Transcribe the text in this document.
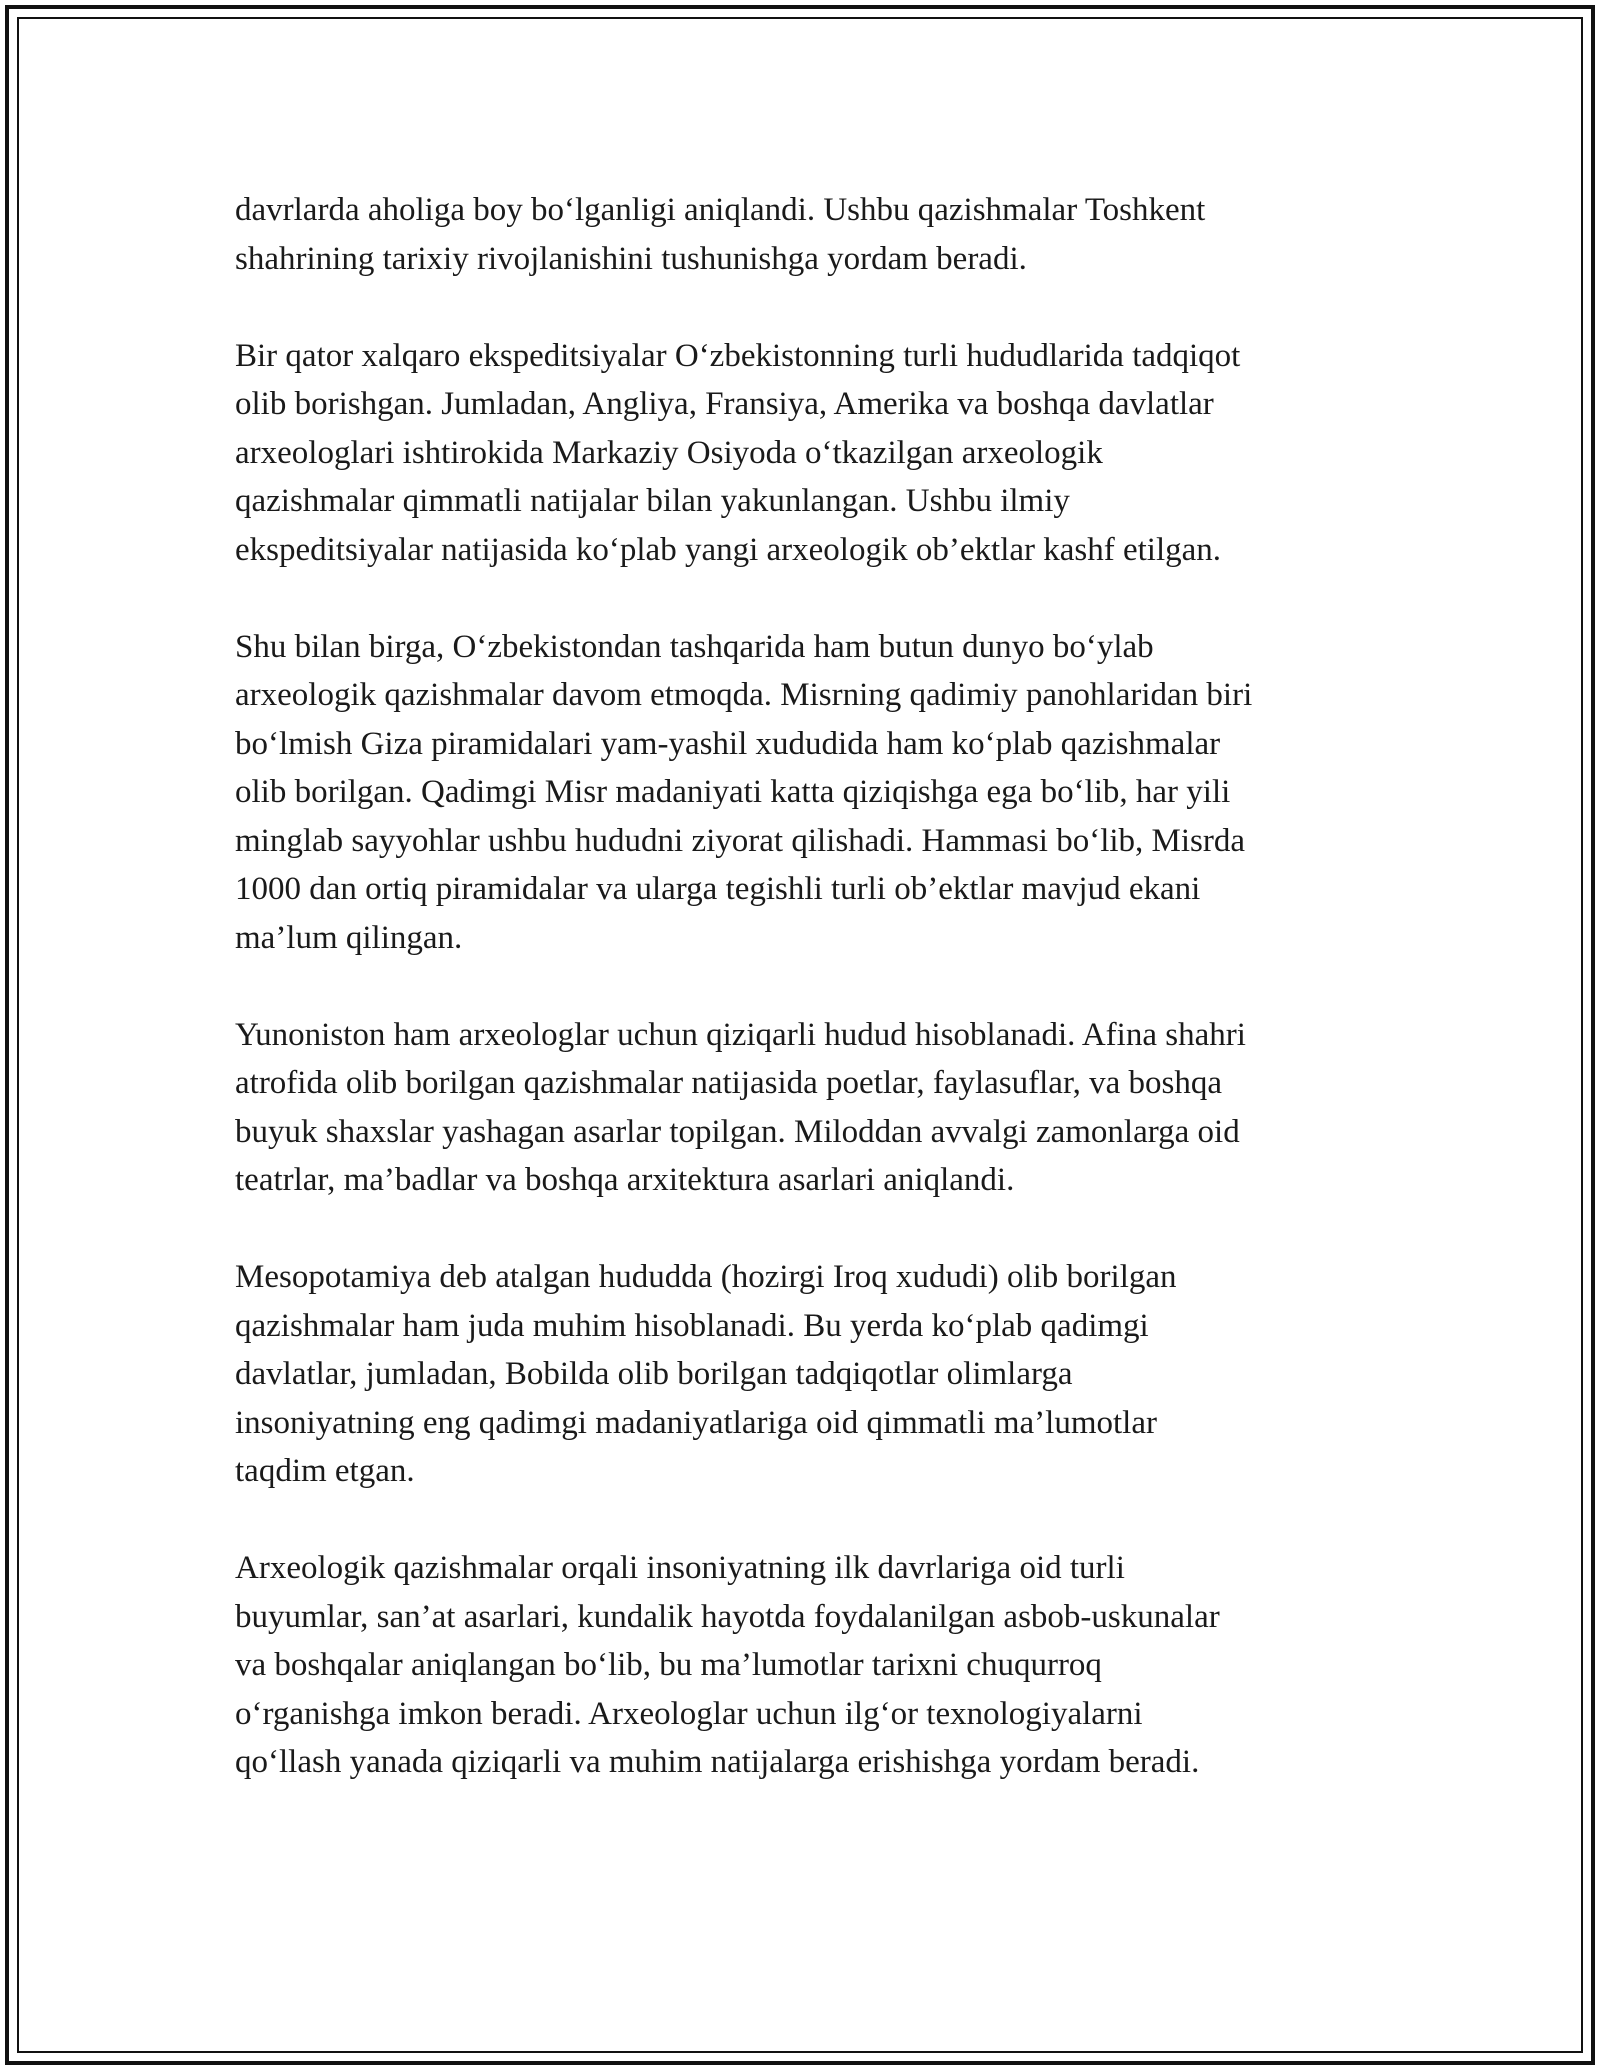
davrlarda aholiga boy bo‘lganligi aniqlandi. Ushbu qazishmalar Toshkent
shahrining tarixiy rivojlanishini tushunishga yordam beradi.

Bir qator xalqaro ekspeditsiyalar O‘zbekistonning turli hududlarida tadqiqot
olib borishgan. Jumladan, Angliya, Fransiya, Amerika va boshqa davlatlar
arxeologlari ishtirokida Markaziy Osiyoda o‘tkazilgan arxeologik
qazishmalar qimmatli natijalar bilan yakunlangan. Ushbu ilmiy
ekspeditsiyalar natijasida ko‘plab yangi arxeologik ob’ektlar kashf etilgan.

Shu bilan birga, O‘zbekistondan tashqarida ham butun dunyo bo‘ylab
arxeologik qazishmalar davom etmoqda. Misrning qadimiy panohlaridan biri
bo‘lmish Giza piramidalari yam-yashil xududida ham ko‘plab qazishmalar
olib borilgan. Qadimgi Misr madaniyati katta qiziqishga ega bo‘lib, har yili
minglab sayyohlar ushbu hududni ziyorat qilishadi. Hammasi bo‘lib, Misrda
1000 dan ortiq piramidalar va ularga tegishli turli ob’ektlar mavjud ekani
ma’lum qilingan.

Yunoniston ham arxeologlar uchun qiziqarli hudud hisoblanadi. Afina shahri
atrofida olib borilgan qazishmalar natijasida poetlar, faylasuflar, va boshqa
buyuk shaxslar yashagan asarlar topilgan. Miloddan avvalgi zamonlarga oid
teatrlar, ma’badlar va boshqa arxitektura asarlari aniqlandi.

Mesopotamiya deb atalgan hududda (hozirgi Iroq xududi) olib borilgan
qazishmalar ham juda muhim hisoblanadi. Bu yerda ko‘plab qadimgi
davlatlar, jumladan, Bobilda olib borilgan tadqiqotlar olimlarga
insoniyatning eng qadimgi madaniyatlariga oid qimmatli ma’lumotlar
taqdim etgan.

Arxeologik qazishmalar orqali insoniyatning ilk davrlariga oid turli
buyumlar, san’at asarlari, kundalik hayotda foydalanilgan asbob-uskunalar
va boshqalar aniqlangan bo‘lib, bu ma’lumotlar tarixni chuqurroq
o‘rganishga imkon beradi. Arxeologlar uchun ilg‘or texnologiyalarni
qo‘llash yanada qiziqarli va muhim natijalarga erishishga yordam beradi.
